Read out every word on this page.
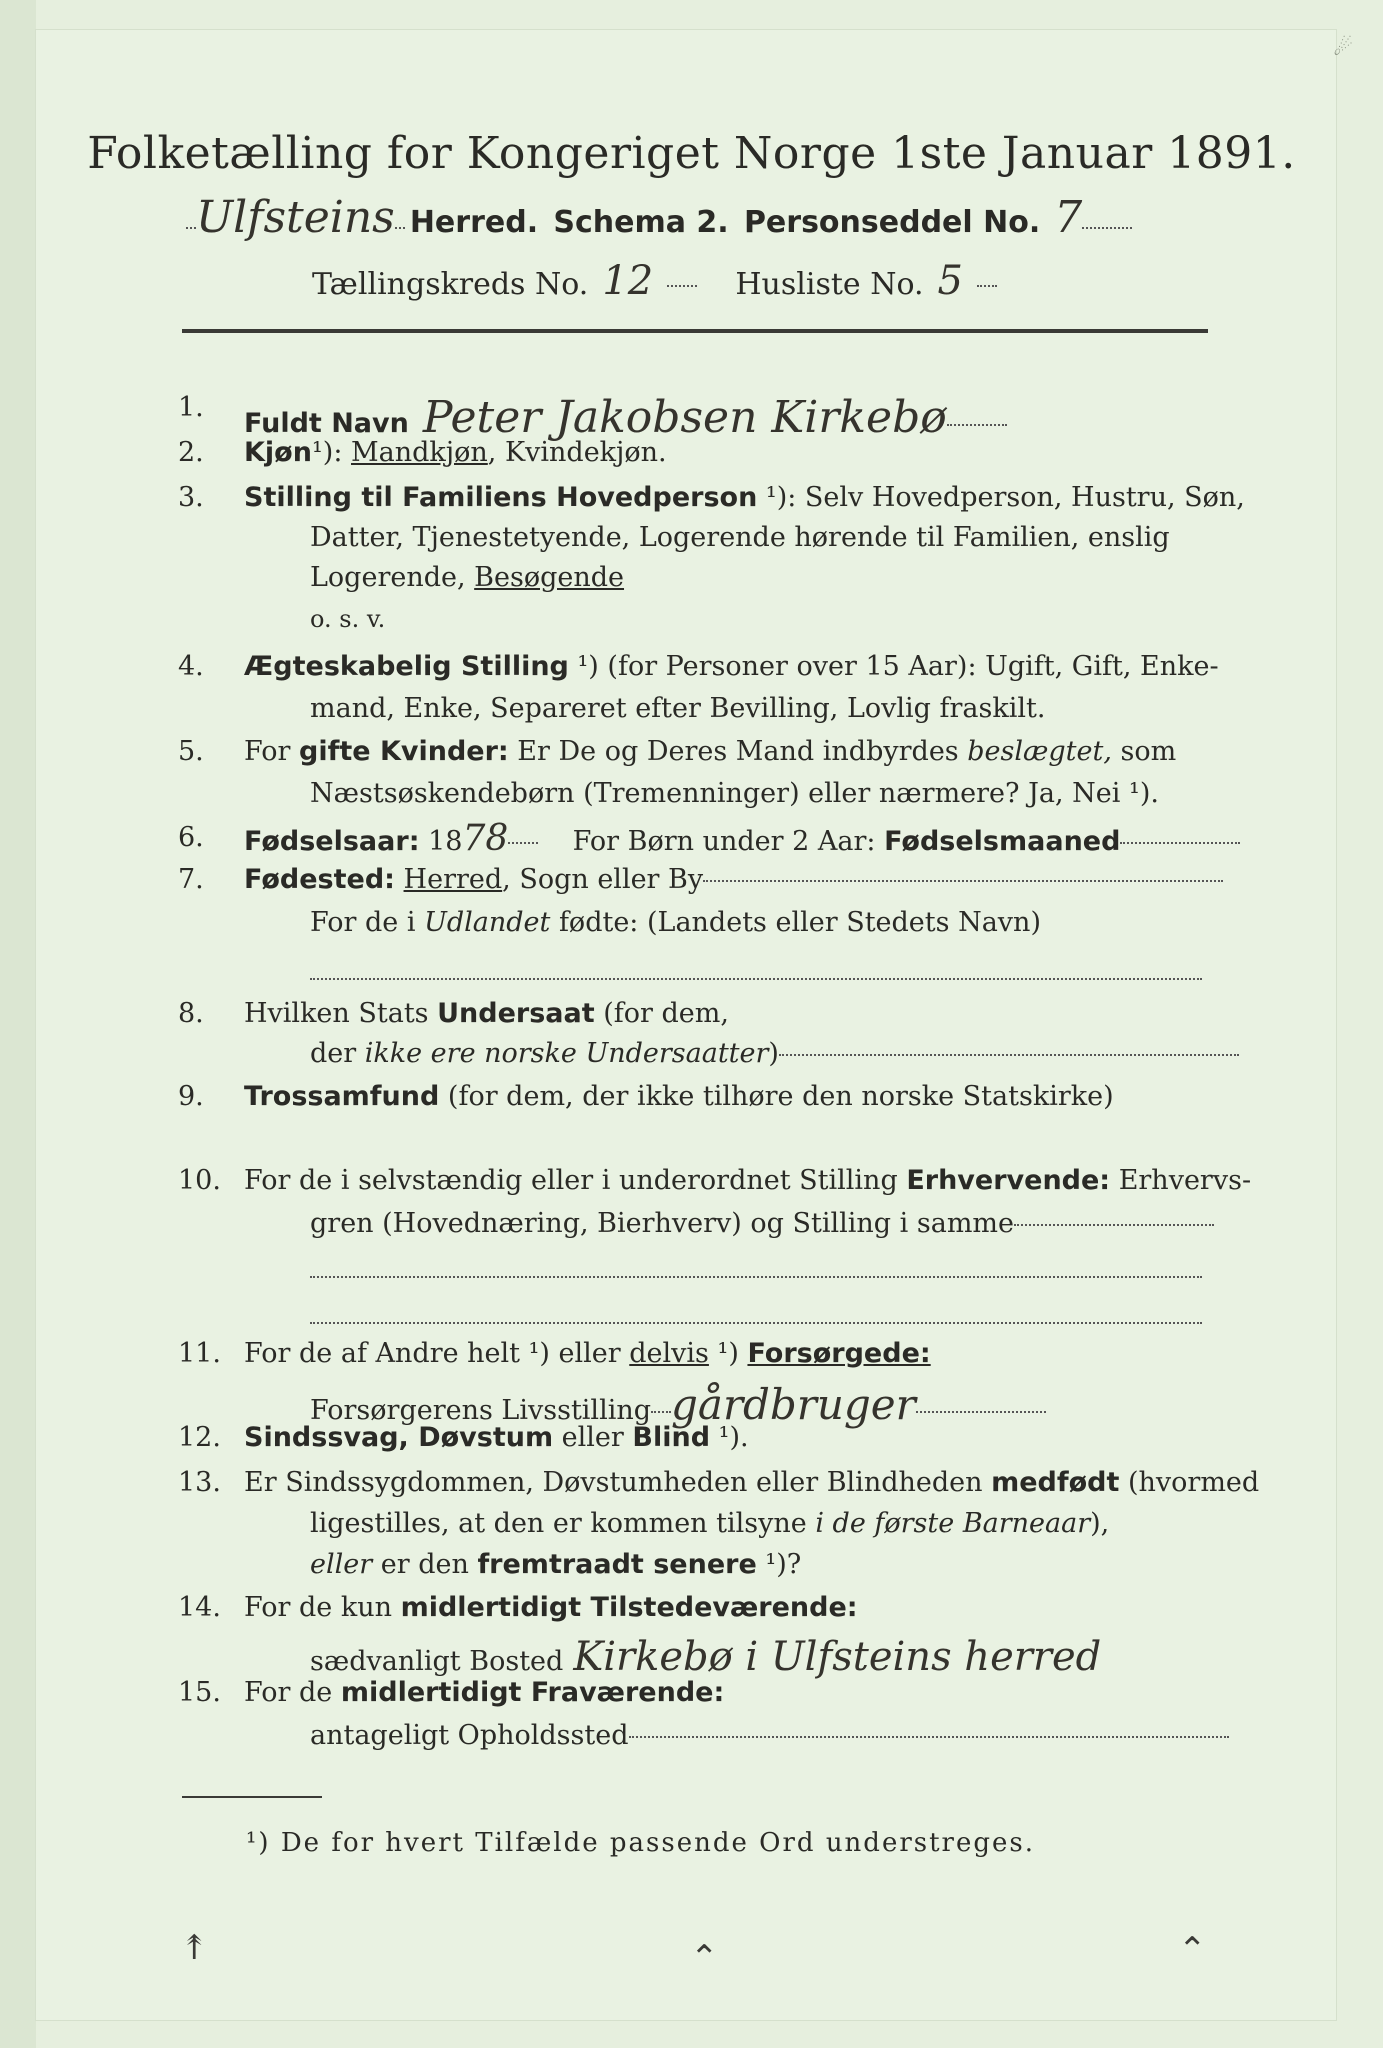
☄
Folketælling for Kongeriget Norge 1ste Januar 1891.
Ulfsteins Herred. Schema 2. Personseddel No. 7
Tællingskreds No. 12	Husliste No. 5
1.
Fuldt Navn Peter Jakobsen Kirkebø
2. Kjøn¹): Mandkjøn, Kvindekjøn.
3. Stilling til Familiens Hovedperson ¹): Selv Hovedperson, Hustru, Søn,
Datter, Tjenestetyende, Logerende hørende til Familien, enslig
Logerende, Besøgende
o. s. v.
4. Ægteskabelig Stilling ¹) (for Personer over 15 Aar): Ugift, Gift, Enke-
mand, Enke, Separeret efter Bevilling, Lovlig fraskilt.
5. For gifte Kvinder: Er De og Deres Mand indbyrdes beslægtet, som
Næstsøskendebørn (Tremenninger) eller nærmere? Ja, Nei ¹).
6. Fødselsaar: 1878 For Børn under 2 Aar: Fødselsmaaned
7. Fødested: Herred, Sogn eller By
For de i Udlandet fødte: (Landets eller Stedets Navn)
8. Hvilken Stats Undersaat (for dem,
der ikke ere norske Undersaatter)
9. Trossamfund (for dem, der ikke tilhøre den norske Statskirke)
10. For de i selvstændig eller i underordnet Stilling Erhvervende: Erhvervs-
gren (Hovednæring, Bierhverv) og Stilling i samme
11. For de af Andre helt ¹) eller delvis ¹) Forsørgede:
Forsørgerens Livsstilling gårdbruger
12. Sindssvag, Døvstum eller Blind ¹).
13. Er Sindssygdommen, Døvstumheden eller Blindheden medfødt (hvormed
ligestilles, at den er kommen tilsyne i de første Barneaar),
eller er den fremtraadt senere ¹)?
14. For de kun midlertidigt Tilstedeværende:
sædvanligt Bosted Kirkebø i Ulfsteins herred
15. For de midlertidigt Fraværende:
antageligt Opholdssted
¹) De for hvert Tilfælde passende Ord understreges.
↟	⌃	⌃
